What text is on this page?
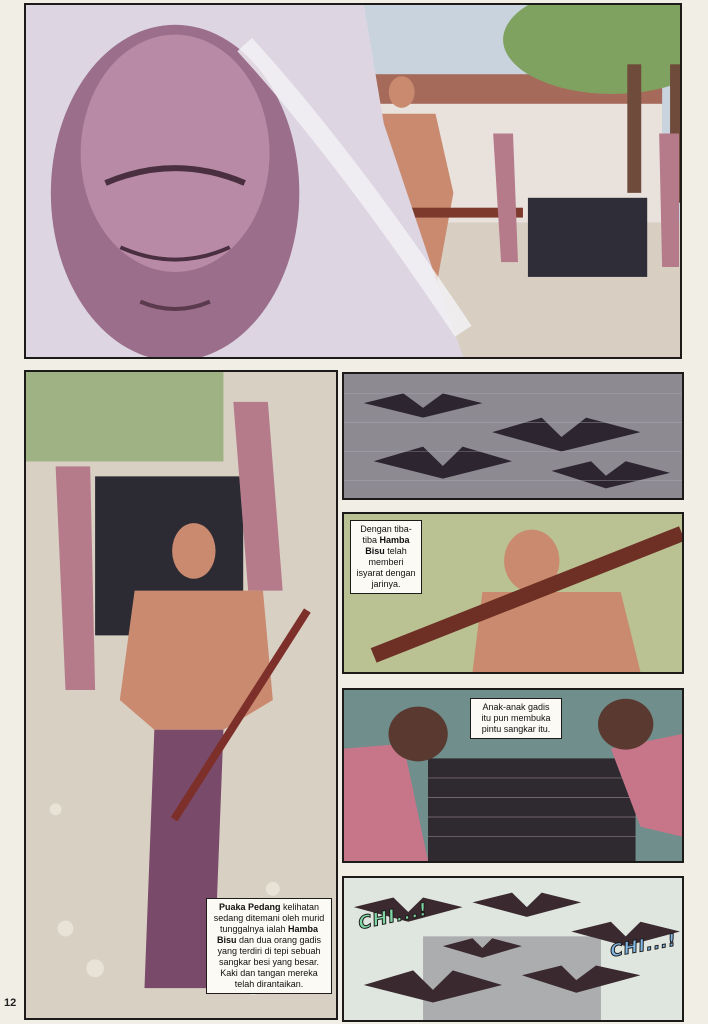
Puaka Pedang kelihatan
sedang ditemani oleh murid
tunggalnya ialah Hamba
Bisu dan dua orang gadis
yang terdiri di tepi sebuah
sangkar besi yang besar.
Kaki dan tangan mereka
telah dirantaikan.
Dengan tiba-
tiba Hamba
Bisu telah
memberi
isyarat dengan
jarinya.
Anak-anak gadis
itu pun membuka
pintu sangkar itu.
CHI...!
CHI...!
12
